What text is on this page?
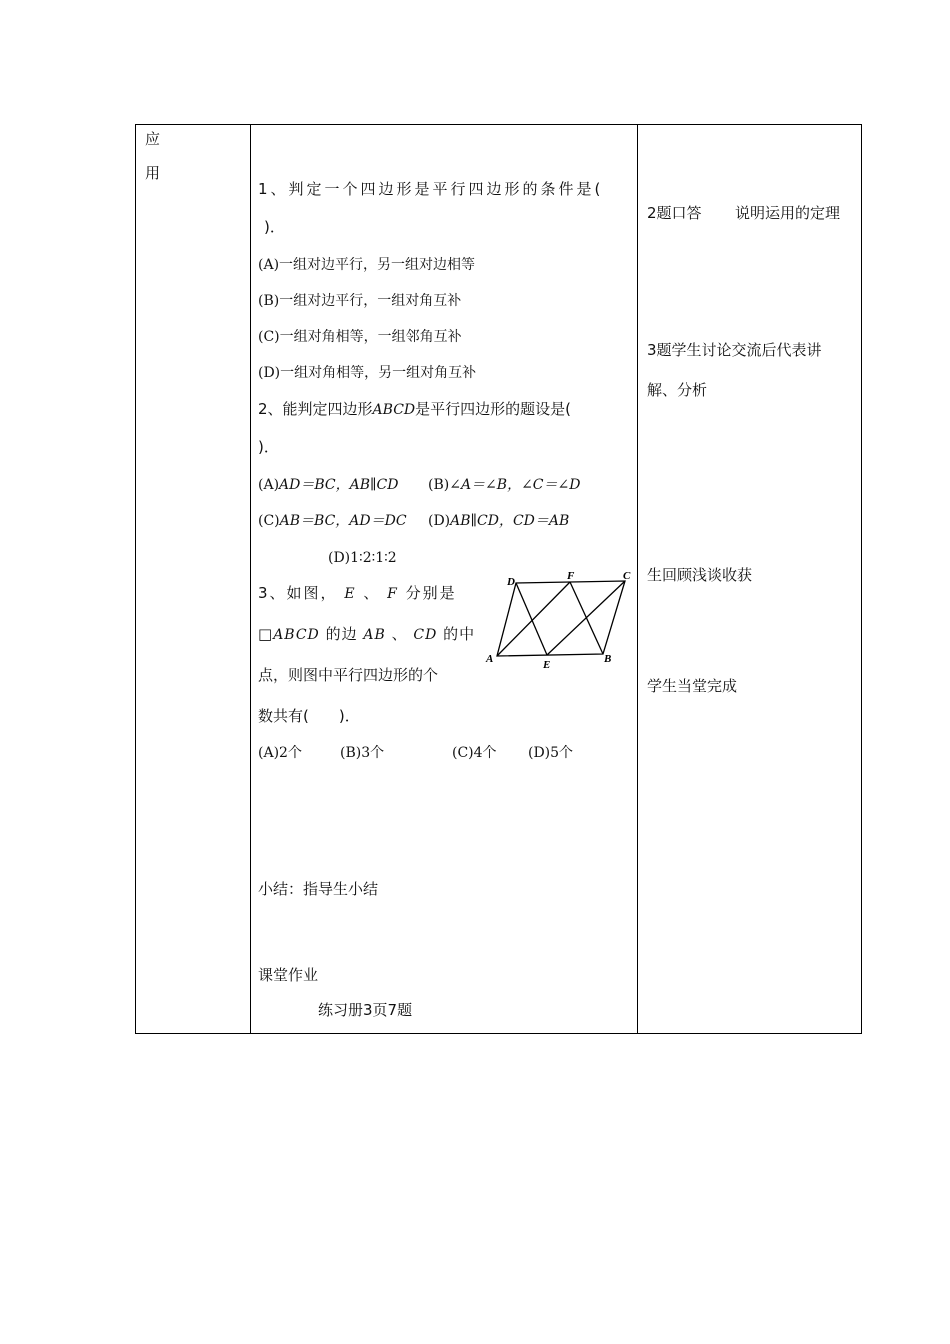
应
用
1、判定一个四边形是平行四边形的条件是(
)．
(A)一组对边平行，另一组对边相等
(B)一组对边平行，一组对角互补
(C)一组对角相等，一组邻角互补
(D)一组对角相等，另一组对角互补
2、能判定四边形ABCD是平行四边形的题设是(
)．
(A)AD＝BC，AB∥CD (B)∠A＝∠B，∠C＝∠D
(C)AB＝BC，AD＝DC (D)AB∥CD，CD＝AB
(D)1∶2∶1∶2
3、如图， E 、 F 分别是
□ABCD 的边 AB 、 CD 的中
点，则图中平行四边形的个
数共有(　　)．
(A)2个	(B)3个	(C)4个 (D)5个
A	B
C
D
E
F
小结：指导生小结
课堂作业
练习册3页7题
2题口答 说明运用的定理
3题学生讨论交流后代表讲
解、分析
生回顾浅谈收获
学生当堂完成
